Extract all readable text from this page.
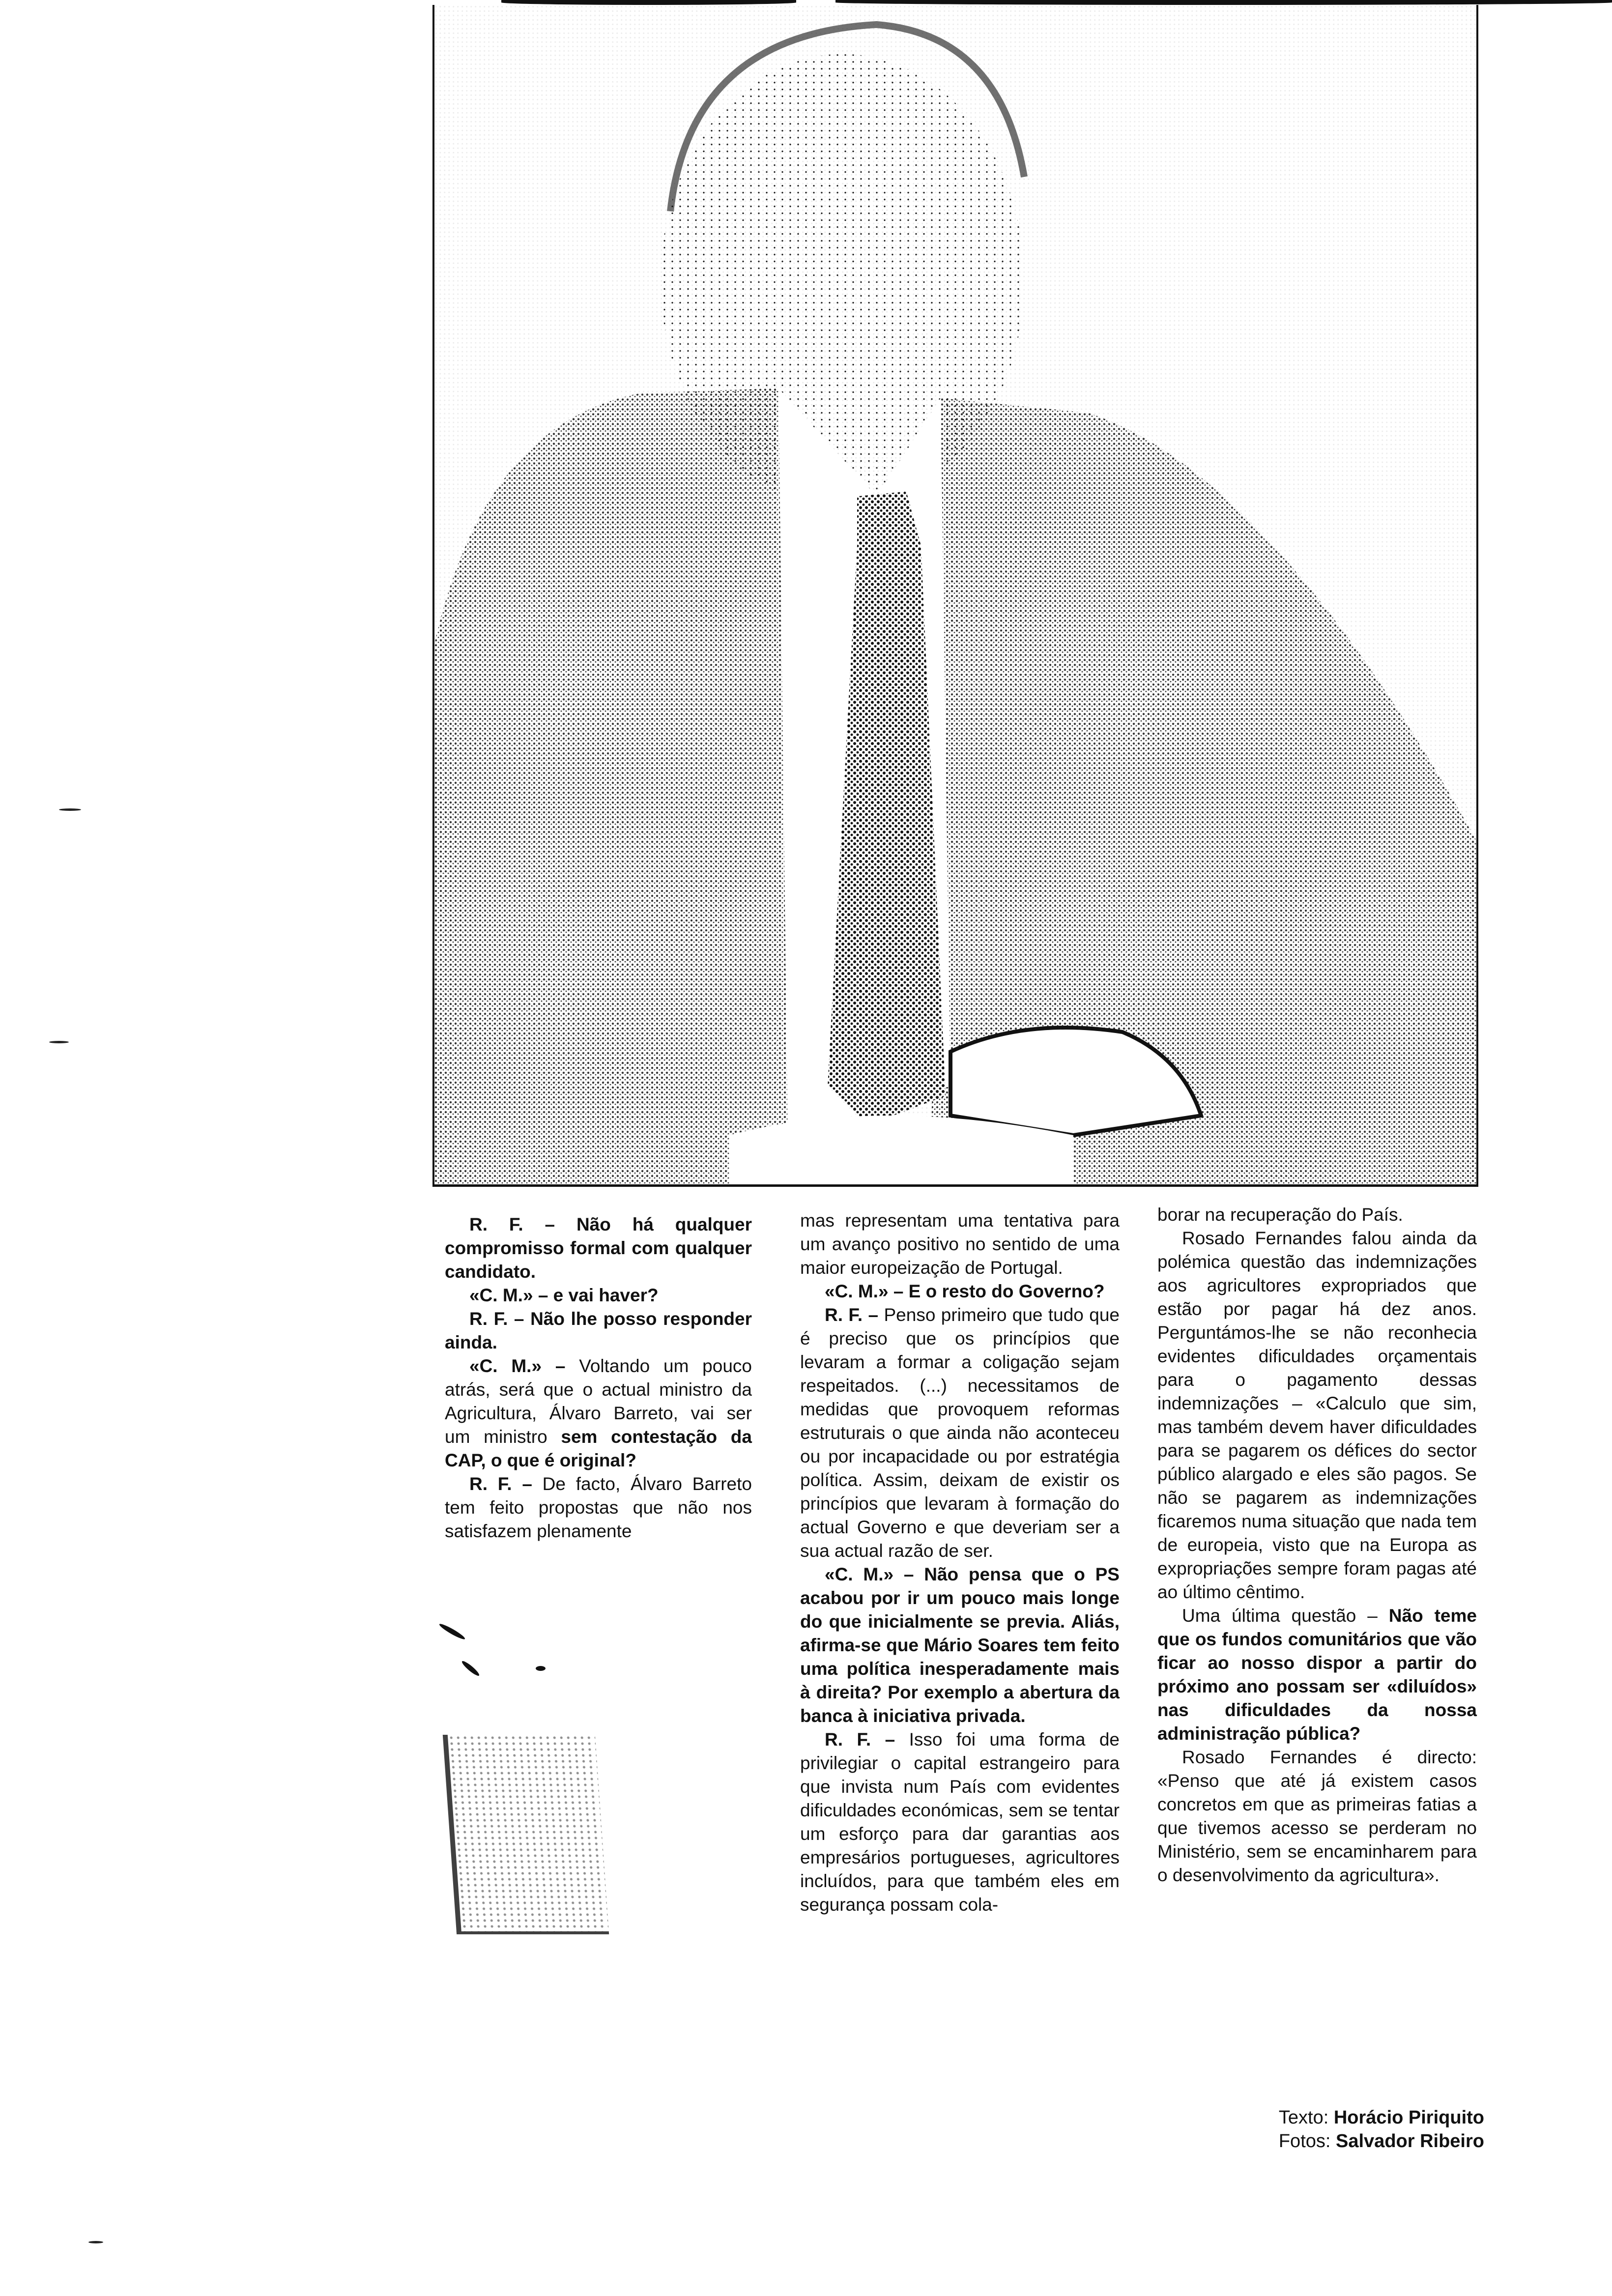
R. F. – Não há qualquer compromisso formal com qualquer candidato.

«C. M.» – e vai haver?

R. F. – Não lhe posso responder ainda.

«C. M.» – Voltando um pouco atrás, será que o actual ministro da Agricultura, Álvaro Barreto, vai ser um ministro sem contestação da CAP, o que é original?

R. F. – De facto, Álvaro Barreto tem feito propostas que não nos satisfazem plenamente

mas representam uma tentativa para um avanço positivo no sentido de uma maior europeização de Portugal.

«C. M.» – E o resto do Governo?

R. F. – Penso primeiro que tudo que é preciso que os princípios que levaram a formar a coligação sejam respeitados. (...) necessitamos de medidas que provoquem reformas estruturais o que ainda não aconteceu ou por incapacidade ou por estratégia política. Assim, deixam de existir os princípios que levaram à formação do actual Governo e que deveriam ser a sua actual razão de ser.

«C. M.» – Não pensa que o PS acabou por ir um pouco mais longe do que inicialmente se previa. Aliás, afirma-se que Mário Soares tem feito uma política inesperadamente mais à direita? Por exemplo a abertura da banca à iniciativa privada.

R. F. – Isso foi uma forma de privilegiar o capital estrangeiro para que invista num País com evidentes dificuldades económicas, sem se tentar um esforço para dar garantias aos empresários portugueses, agricultores incluídos, para que também eles em segurança possam cola-

borar na recuperação do País.

Rosado Fernandes falou ainda da polémica questão das indemnizações aos agricultores expropriados que estão por pagar há dez anos. Perguntámos-lhe se não reconhecia evidentes dificuldades orçamentais para o pagamento dessas indemnizações – «Calculo que sim, mas também devem haver dificuldades para se pagarem os défices do sector público alargado e eles são pagos. Se não se pagarem as indemnizações ficaremos numa situação que nada tem de europeia, visto que na Europa as expropriações sempre foram pagas até ao último cêntimo.

Uma última questão – Não teme que os fundos comunitários que vão ficar ao nosso dispor a partir do próximo ano possam ser «diluídos» nas dificuldades da nossa administração pública?

Rosado Fernandes é directo: «Penso que até já existem casos concretos em que as primeiras fatias a que tivemos acesso se perderam no Ministério, sem se encaminharem para o desenvolvimento da agricultura».

Texto: Horácio Piriquito
Fotos: Salvador Ribeiro
